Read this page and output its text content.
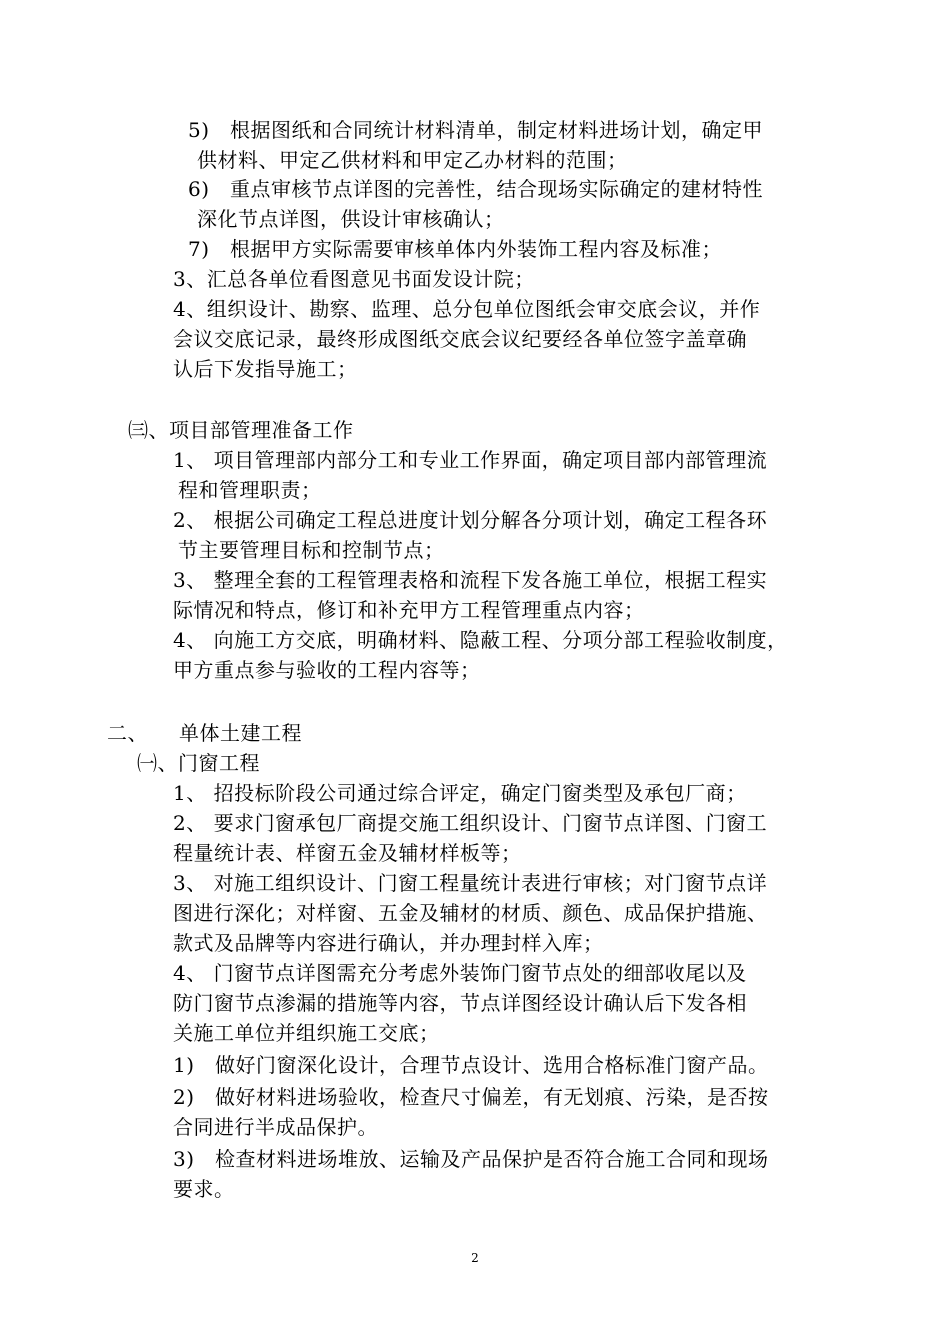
5)　根据图纸和合同统计材料清单，制定材料进场计划，确定甲
供材料、甲定乙供材料和甲定乙办材料的范围；
6)　重点审核节点详图的完善性，结合现场实际确定的建材特性
深化节点详图，供设计审核确认；
7)　根据甲方实际需要审核单体内外装饰工程内容及标准；
3、汇总各单位看图意见书面发设计院；
4、组织设计、勘察、监理、总分包单位图纸会审交底会议，并作
会议交底记录，最终形成图纸交底会议纪要经各单位签字盖章确
认后下发指导施工；
㈢、项目部管理准备工作
1、 项目管理部内部分工和专业工作界面，确定项目部内部管理流
程和管理职责；
2、 根据公司确定工程总进度计划分解各分项计划，确定工程各环
节主要管理目标和控制节点；
3、 整理全套的工程管理表格和流程下发各施工单位，根据工程实
际情况和特点，修订和补充甲方工程管理重点内容；
4、 向施工方交底，明确材料、隐蔽工程、分项分部工程验收制度，
甲方重点参与验收的工程内容等；
二、　　单体土建工程
㈠、门窗工程
1、 招投标阶段公司通过综合评定，确定门窗类型及承包厂商；
2、 要求门窗承包厂商提交施工组织设计、门窗节点详图、门窗工
程量统计表、样窗五金及辅材样板等；
3、 对施工组织设计、门窗工程量统计表进行审核；对门窗节点详
图进行深化；对样窗、五金及辅材的材质、颜色、成品保护措施、
款式及品牌等内容进行确认，并办理封样入库；
4、 门窗节点详图需充分考虑外装饰门窗节点处的细部收尾以及
防门窗节点渗漏的措施等内容，节点详图经设计确认后下发各相
关施工单位并组织施工交底；
1)　做好门窗深化设计，合理节点设计、选用合格标准门窗产品。
2)　做好材料进场验收，检查尺寸偏差，有无划痕、污染，是否按
合同进行半成品保护。
3)　检查材料进场堆放、运输及产品保护是否符合施工合同和现场
要求。
2
